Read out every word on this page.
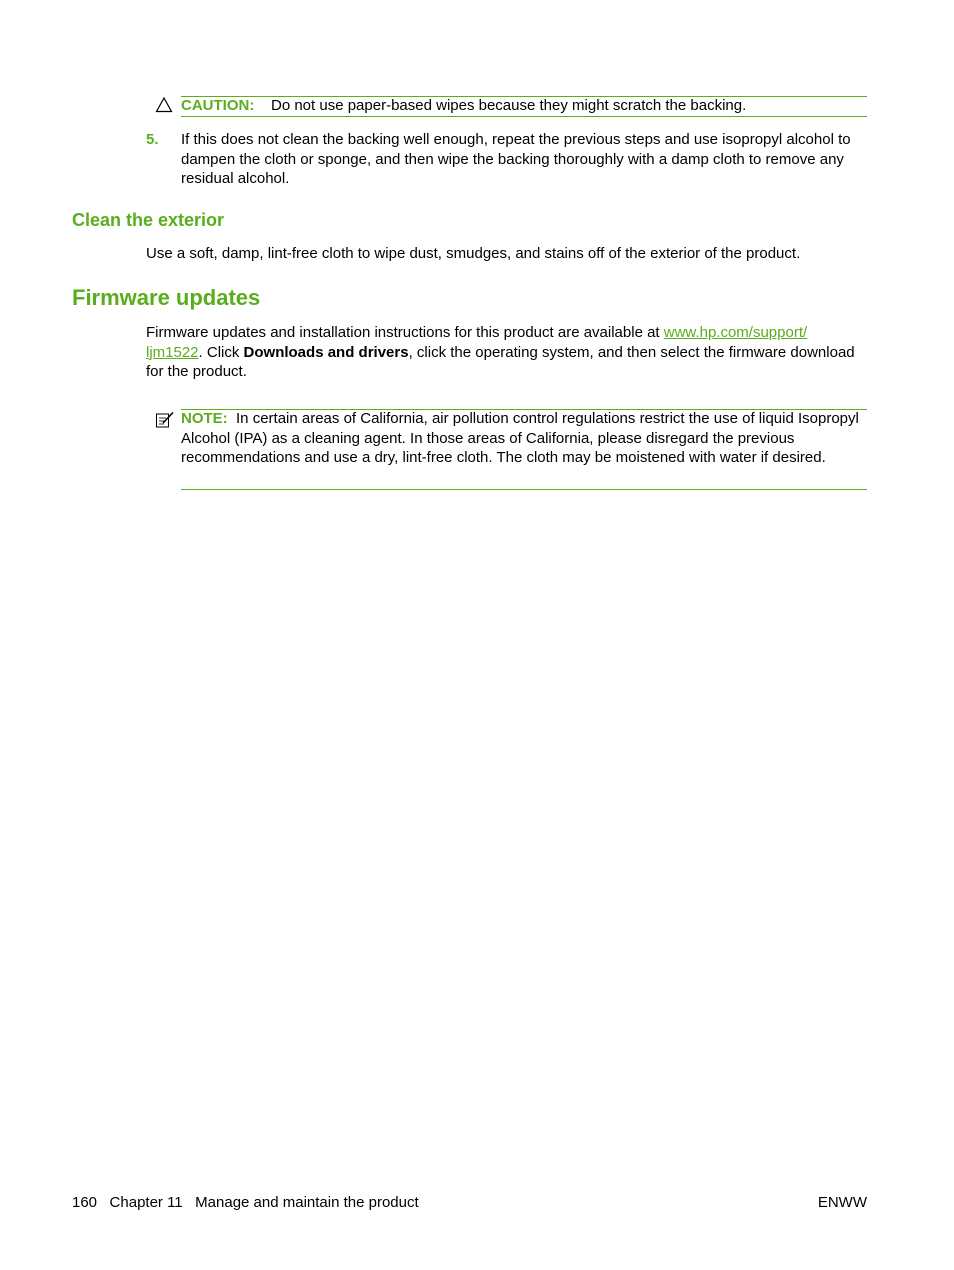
CAUTION: Do not use paper-based wipes because they might scratch the backing.
5. If this does not clean the backing well enough, repeat the previous steps and use isopropyl alcohol to dampen the cloth or sponge, and then wipe the backing thoroughly with a damp cloth to remove any residual alcohol.
Clean the exterior
Use a soft, damp, lint-free cloth to wipe dust, smudges, and stains off of the exterior of the product.
Firmware updates
Firmware updates and installation instructions for this product are available at www.hp.com/support/
ljm1522. Click Downloads and drivers, click the operating system, and then select the firmware download for the product.
NOTE: In certain areas of California, air pollution control regulations restrict the use of liquid Isopropyl Alcohol (IPA) as a cleaning agent. In those areas of California, please disregard the previous recommendations and use a dry, lint-free cloth. The cloth may be moistened with water if desired.
160 Chapter 11 Manage and maintain the product	ENWW
